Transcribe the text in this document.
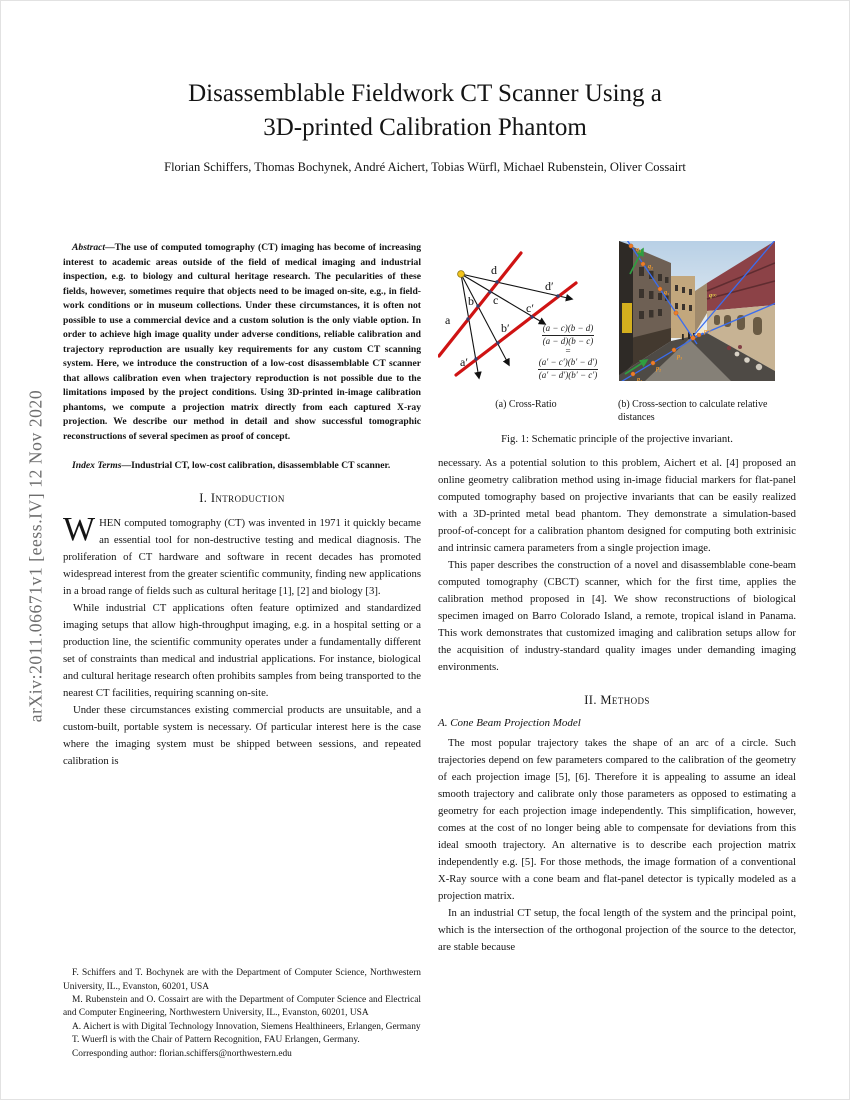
arXiv:2011.06671v1 [eess.IV] 12 Nov 2020
Disassemblable Fieldwork CT Scanner Using a
3D-printed Calibration Phantom
Florian Schiffers, Thomas Bochynek, André Aichert, Tobias Würfl, Michael Rubenstein, Oliver Cossairt

Abstract—The use of computed tomography (CT) imaging has become of increasing interest to academic areas outside of the field of medical imaging and industrial inspection, e.g. to biology and cultural heritage research. The pecularities of these fields, however, sometimes require that objects need to be imaged on-site, e.g., in field-work conditions or in museum collections. Under these circumstances, it is often not possible to use a commercial device and a custom solution is the only viable option. In order to achieve high image quality under adverse conditions, reliable calibration and trajectory reproduction are usually key requirements for any custom CT scanning system. Here, we introduce the construction of a low-cost disassemblable CT scanner that allows calibration even when trajectory reproduction is not possible due to the limitations imposed by the project conditions. Using 3D-printed in-image calibration phantoms, we compute a projection matrix directly from each captured X-ray projection. We describe our method in detail and show successful tomographic reconstructions of several specimen as proof of concept.

Index Terms—Industrial CT, low-cost calibration, disassemblable CT scanner.

I. Introduction

WHEN computed tomography (CT) was invented in 1971 it quickly became an essential tool for non-destructive testing and medical diagnosis. The proliferation of CT hardware and software in recent decades has promoted widespread interest from the greater scientific community, finding new applications in a broad range of fields such as cultural heritage [1], [2] and biology [3].

While industrial CT applications often feature optimized and standardized imaging setups that allow high-throughput imaging, e.g. in a hospital setting or a production line, the scientific community operates under a fundamentally different set of constraints than medical and industrial applications. For instance, biological and cultural heritage research often prohibits samples from being transported to the nearest CT facilities, requiring scanning on-site.

Under these circumstances existing commercial products are unsuitable, and a custom-built, portable system is necessary. Of particular interest here is the case where the imaging system must be shipped between sessions, and repeated calibration is

F. Schiffers and T. Bochynek are with the Department of Computer Science, Northwestern University, IL., Evanston, 60201, USA

M. Rubenstein and O. Cossairt are with the Department of Computer Science and Electrical and Computer Engineering, Northwestern University, IL., Evanston, 60201, USA

A. Aichert is with Digital Technology Innovation, Siemens Healthineers, Erlangen, Germany

T. Wuerfl is with the Chair of Pattern Recognition, FAU Erlangen, Germany.

Corresponding author: florian.schiffers@northwestern.edu

a
b c
d
a′
b′
c′
d′
$\frac{(a - c)(b - d)}{(a - d)(b - c)}$
=
$\frac{(a' - c')(b' - d')}{(a' - d')(b' - c')}$
q₁
q₂
q₃	q∞
p₁
p₂
p₃
p∞
(a) Cross-Ratio	(b) Cross-section to calculate relative distances
Fig. 1: Schematic principle of the projective invariant.

necessary. As a potential solution to this problem, Aichert et al. [4] proposed an online geometry calibration method using in-image fiducial markers for flat-panel computed tomography based on projective invariants that can be easily realized with a 3D-printed metal bead phantom. They demonstrate a simulation-based proof-of-concept for a calibration phantom designed for computing both extrinisic and intrinsic camera parameters from a single projection image.

This paper describes the construction of a novel and disassemblable cone-beam computed tomography (CBCT) scanner, which for the first time, applies the calibration method proposed in [4]. We show reconstructions of biological specimen imaged on Barro Colorado Island, a remote, tropical island in Panama. This work demonstrates that customized imaging and calibration setups allow for the acquisition of industry-standard quality images under demanding imaging environments.

II. Methods
A. Cone Beam Projection Model

The most popular trajectory takes the shape of an arc of a circle. Such trajectories depend on few parameters compared to the calibration of the geometry of each projection image [5], [6]. Therefore it is appealing to assume an ideal smooth trajectory and calibrate only those parameters as opposed to estimating a geometry for each projection image independently. This simplification, however, comes at the cost of no longer being able to compensate for deviations from this ideal smooth trajectory. An alternative is to describe each projection matrix independently e.g. [5]. For those methods, the image formation of a conventional X-Ray source with a cone beam and flat-panel detector is typically modeled as a projection matrix.

In an industrial CT setup, the focal length of the system and the principal point, which is the intersection of the orthogonal projection of the source to the detector, are stable because
